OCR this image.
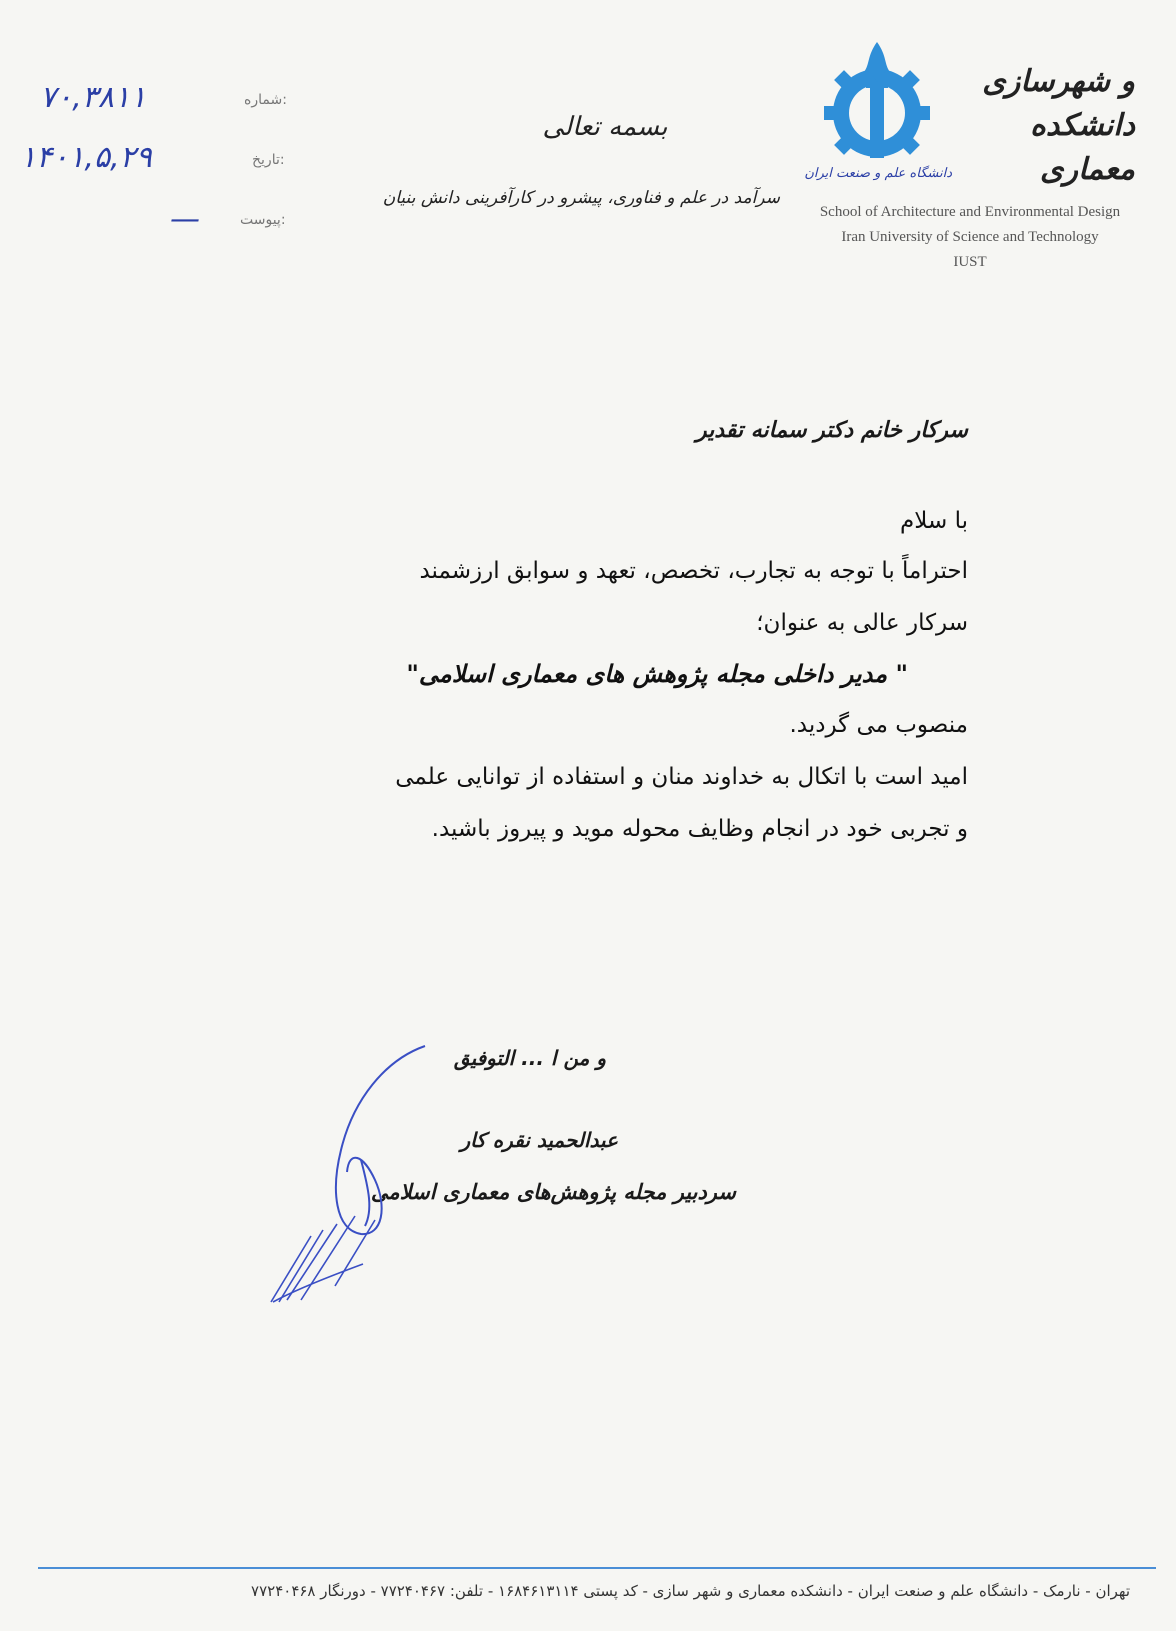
شماره:
۷۰,۳۸۱۱
تاریخ:
۱۴۰۱,۵,۲۹
پیوست:
—
بسمه تعالی
سرآمد در علم و فناوری، پیشرو در کارآفرینی دانش بنیان
و شهرسازی
دانشکده معماری
دانشگاه علم و صنعت ایران
School of Architecture and Environmental Design
Iran University of Science and Technology
IUST
سرکار خانم دکتر سمانه تقدیر
با سلام
احتراماً با توجه به تجارب، تخصص، تعهد و سوابق ارزشمند
سرکار عالی به عنوان؛
" مدیر داخلی مجله پژوهش های معماری اسلامی"
منصوب می گردید.
امید است با اتکال به خداوند منان و استفاده از توانایی علمی
و تجربی خود در انجام وظایف محوله موید و پیروز باشید.
و من ا ... التوفیق
عبدالحمید نقره کار
سردبیر مجله پژوهش‌های معماری اسلامی
تهران - نارمک - دانشگاه علم و صنعت ایران - دانشکده معماری و شهر سازی - کد پستی ۱۶۸۴۶۱۳۱۱۴ - تلفن: ۷۷۲۴۰۴۶۷ - دورنگار ۷۷۲۴۰۴۶۸
